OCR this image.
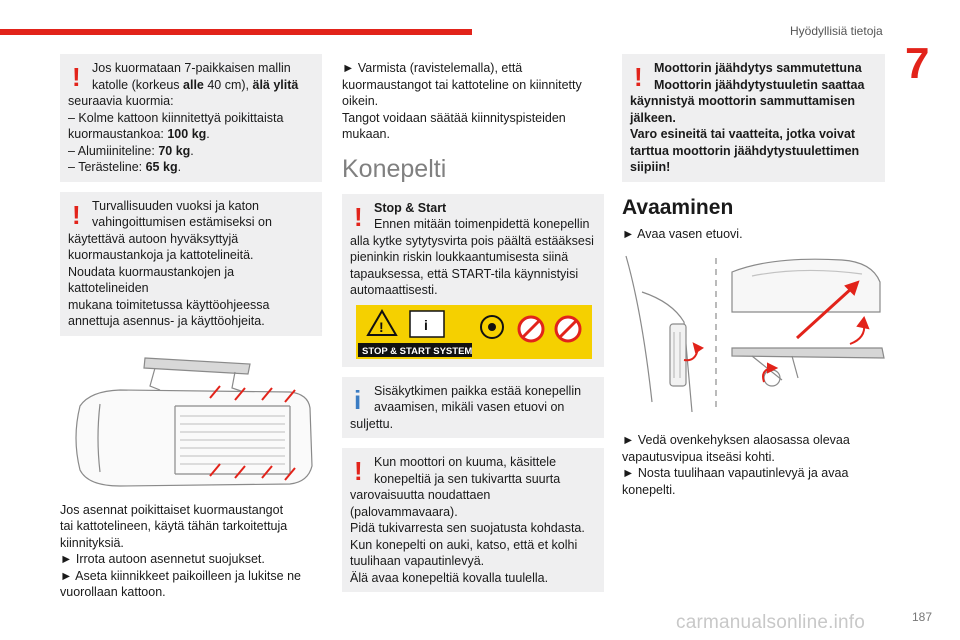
Hyödyllisiä tietoja
7
! Jos kuormataan 7-paikkaisen mallin

katolle (korkeus alle 40 cm), älä ylitä

seuraavia kuormia:

– Kolme kattoon kiinnitettyä poikittaista

kuormaustankoa: 100 kg.

– Alumiiniteline: 70 kg.

– Terästeline: 65 kg.

! Turvallisuuden vuoksi ja katon

vahingoittumisen estämiseksi on

käytettävä autoon hyväksyttyjä

kuormaustankoja ja kattotelineitä.

Noudata kuormaustankojen ja kattotelineiden

mukana toimitetussa käyttöohjeessa

annettuja asennus- ja käyttöohjeita.

Jos asennat poikittaiset kuormaustangot

tai kattotelineen, käytä tähän tarkoitettuja

kiinnityksiä.

► Irrota autoon asennetut suojukset.

► Aseta kiinnikkeet paikoilleen ja lukitse ne

vuorollaan kattoon.

► Varmista (ravistelemalla), että

kuormaustangot tai kattoteline on kiinnitetty

oikein.

Tangot voidaan säätää kiinnityspisteiden

mukaan.

Konepelti
! Stop & Start

Ennen mitään toimenpidettä konepellin

alla kytke sytytysvirta pois päältä estääksesi

pieninkin riskin loukkaantumisesta siinä

tapauksessa, että START-tila käynnistyisi

automaattisesti.

!	i
STOP & START SYSTEM
i	Sisäkytkimen paikka estää konepellin

avaamisen, mikäli vasen etuovi on

suljettu.

! Kun moottori on kuuma, käsittele

konepeltiä ja sen tukivartta suurta

varovaisuutta noudattaen (palovammavaara).

Pidä tukivarresta sen suojatusta kohdasta.

Kun konepelti on auki, katso, että et kolhi

tuulihaan vapautinlevyä.

Älä avaa konepeltiä kovalla tuulella.

! Moottorin jäähdytys sammutettuna

Moottorin jäähdytystuuletin saattaa

käynnistyä moottorin sammuttamisen

jälkeen.

Varo esineitä tai vaatteita, jotka voivat

tarttua moottorin jäähdytystuulettimen

siipiin!

Avaaminen

► Avaa vasen etuovi.

► Vedä ovenkehyksen alaosassa olevaa

vapautusvipua itseäsi kohti.

► Nosta tuulihaan vapautinlevyä ja avaa

konepelti.

carmanualsonline.info	187
